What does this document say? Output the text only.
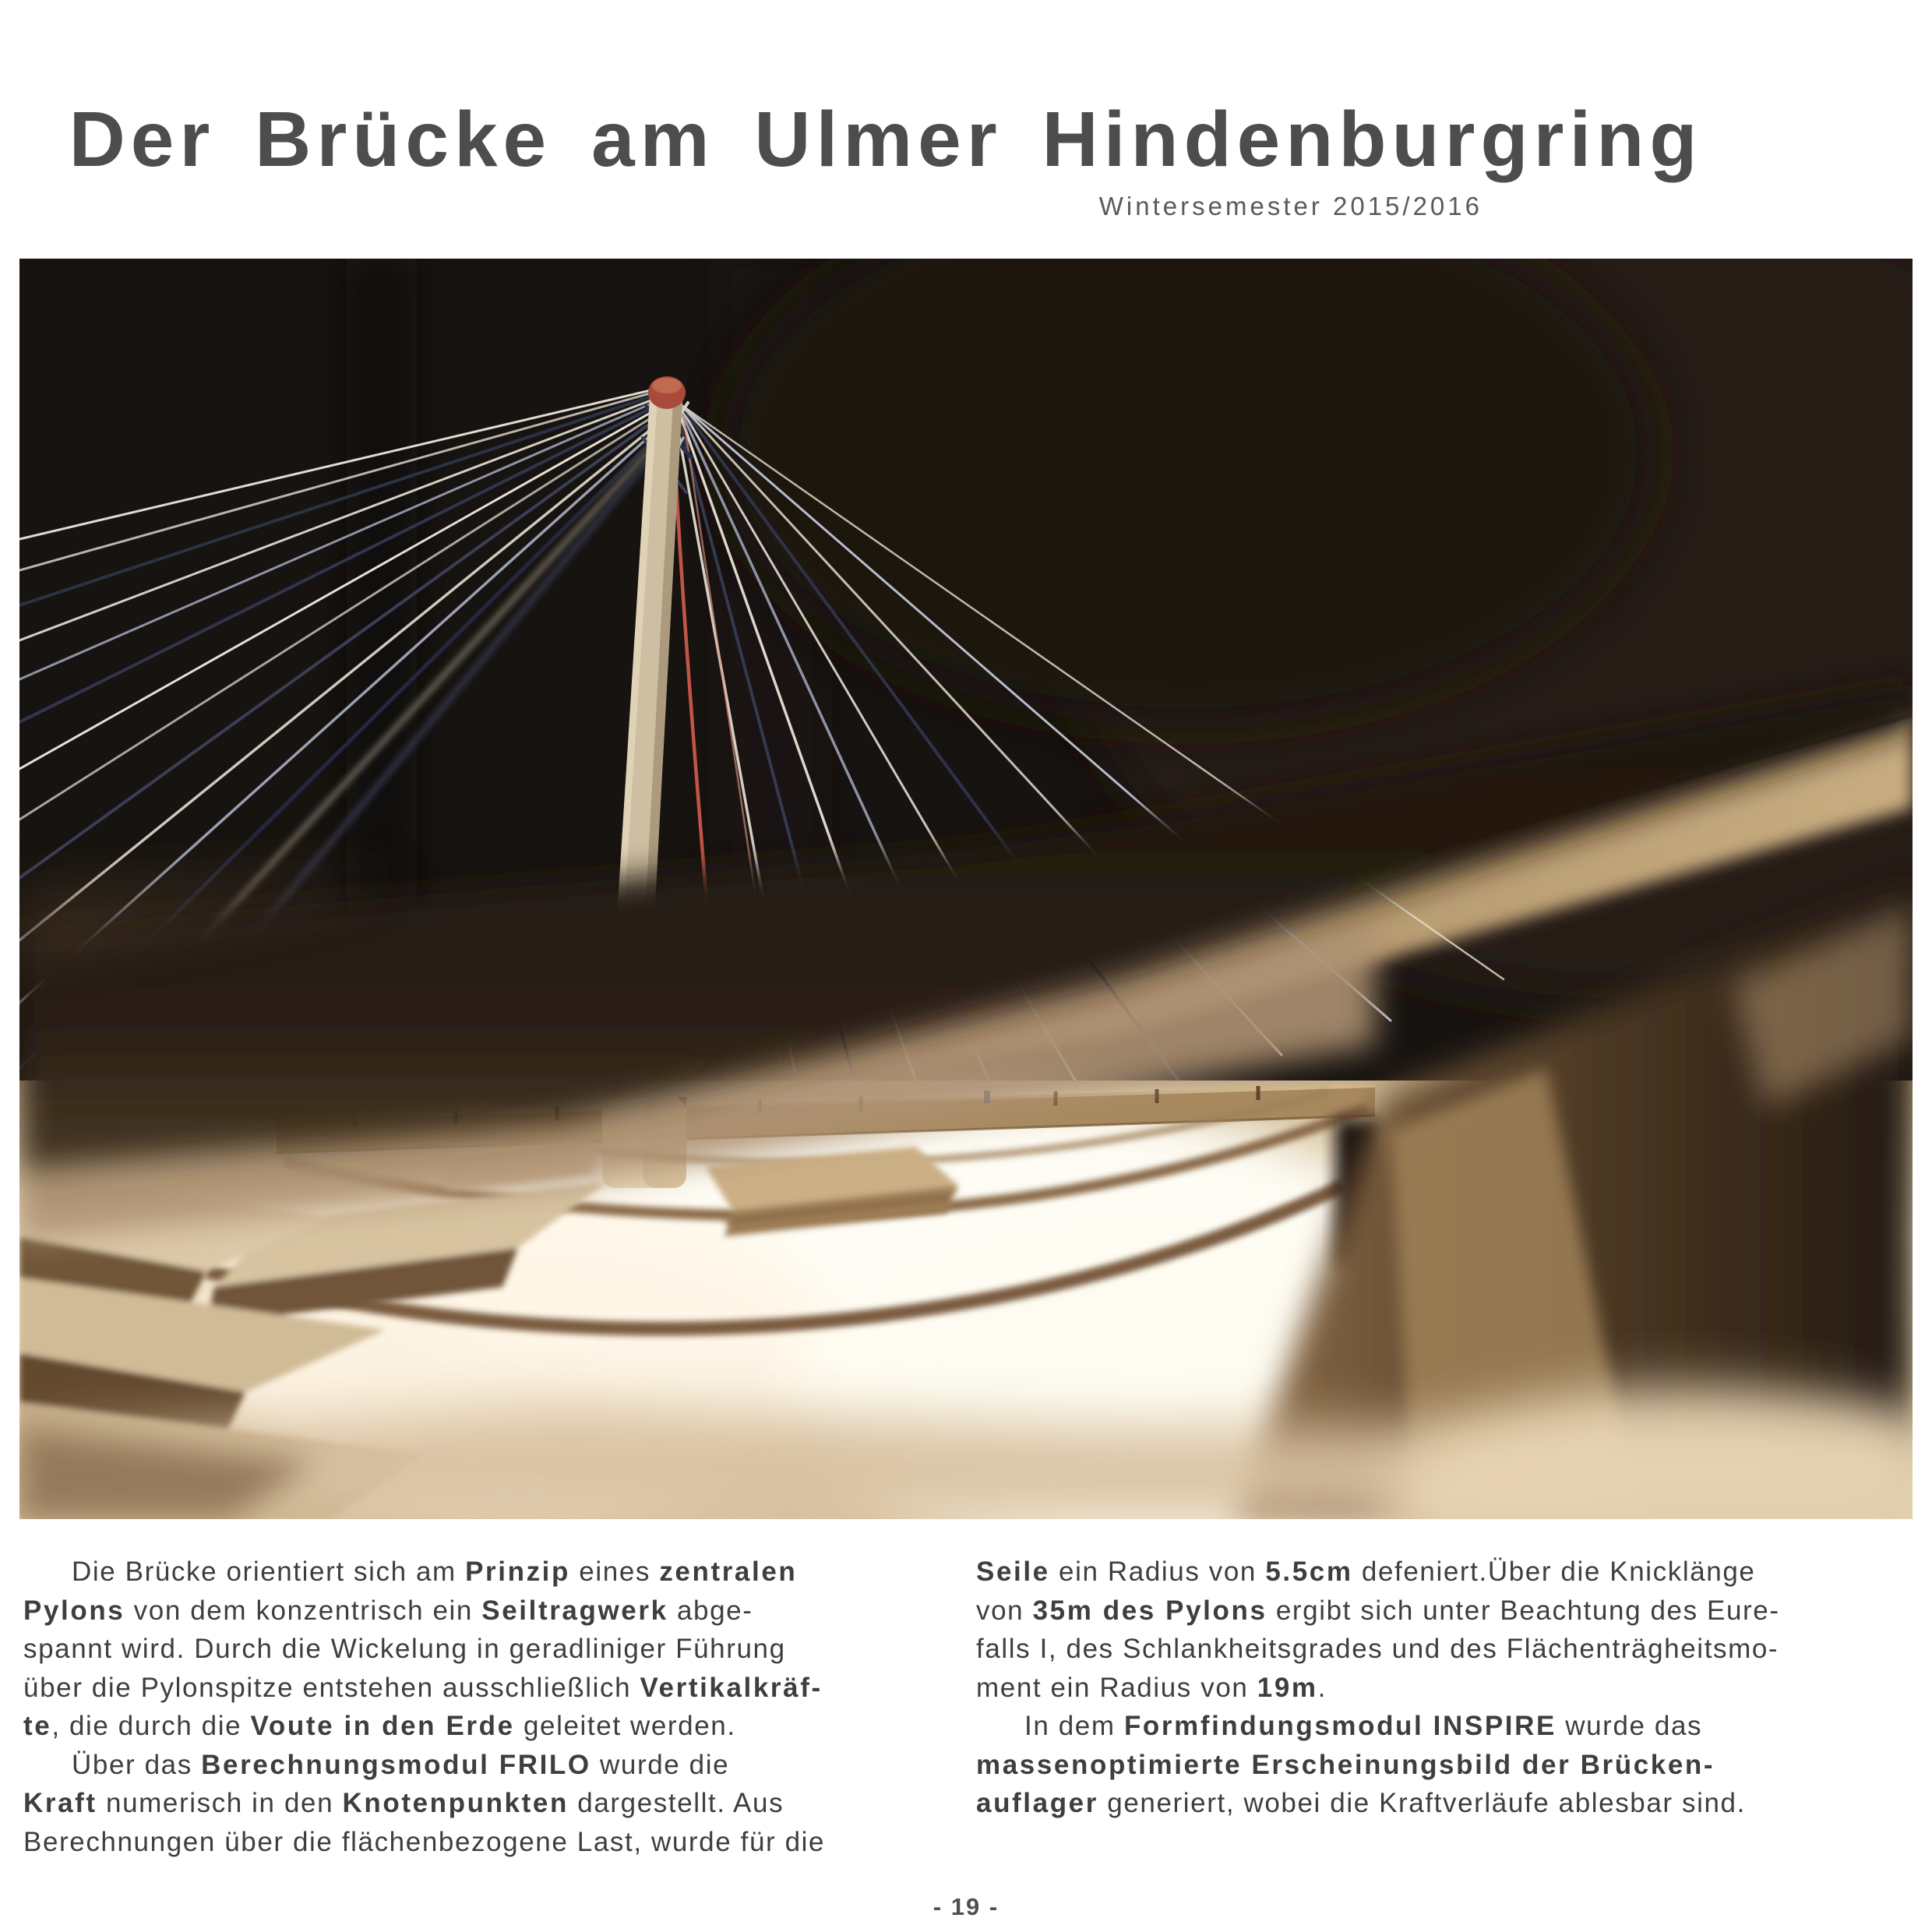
Der Brücke am Ulmer Hindenburgring
Wintersemester 2015/2016
Die Brücke orientiert sich am Prinzip eines zentralen
Pylons von dem konzentrisch ein Seiltragwerk abge-
spannt wird. Durch die Wickelung in geradliniger Führung
über die Pylonspitze entstehen ausschließlich Vertikalkräf-
te, die durch die Voute in den Erde geleitet werden.
Über das Berechnungsmodul FRILO wurde die
Kraft numerisch in den Knotenpunkten dargestellt. Aus
Berechnungen über die flächenbezogene Last, wurde für die
Seile ein Radius von 5.5cm defeniert.Über die Knicklänge
von 35m des Pylons ergibt sich unter Beachtung des Eure-
falls I, des Schlankheitsgrades und des Flächenträgheitsmo-
ment ein Radius von 19m.
In dem Formfindungsmodul INSPIRE wurde das
massenoptimierte Erscheinungsbild der Brücken-
auflager generiert, wobei die Kraftverläufe ablesbar sind.
- 19 -
